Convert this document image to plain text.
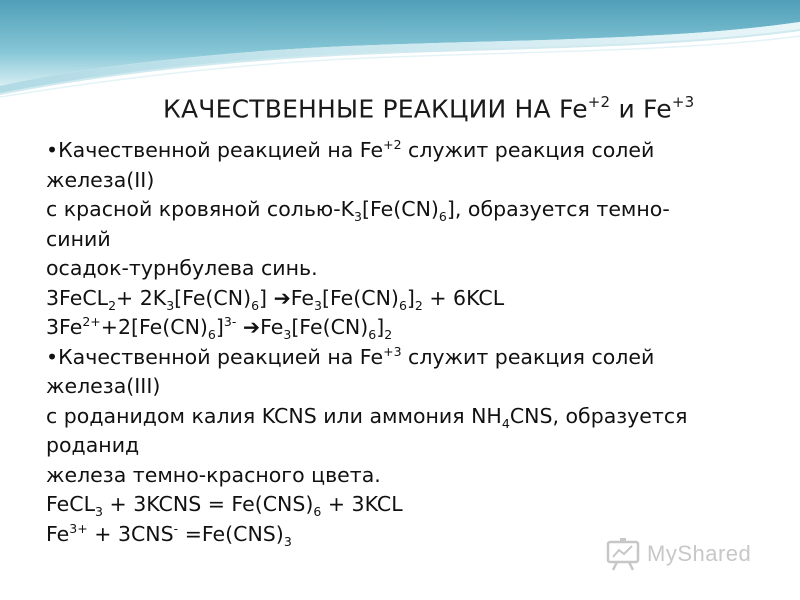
КАЧЕСТВЕННЫЕ РЕАКЦИИ НА $Fe^{+2}$ и $Fe^{+3}$
•Качественной реакцией на $Fe^{+2}$ служит реакция солей
железа(II)
с красной кровяной солью-$K_3[Fe(CN)_6]$, образуется темно-
синий
осадок-турнбулева синь.
3FeCL$_2$+ $2K_3[Fe(CN)_6]$ $➔Fe_3[Fe(CN)_6]_2 + 6KCL$
$3Fe^{2+}+2[Fe(CN)_6]^{3-}$ $➔Fe_3[Fe(CN)_6]_2$
•Качественной реакцией на $Fe^{+3}$ служит реакция солей
железа(III)
с роданидом калия KCNS или аммония $NH_4CNS$, образуется
роданид
железа темно-красного цвета.
FeCL$_3$ + 3KCNS = $Fe(CNS)_6 + 3KCL$
$Fe^{3+} + 3CNS^- =Fe(CNS)_3$	MyShared
